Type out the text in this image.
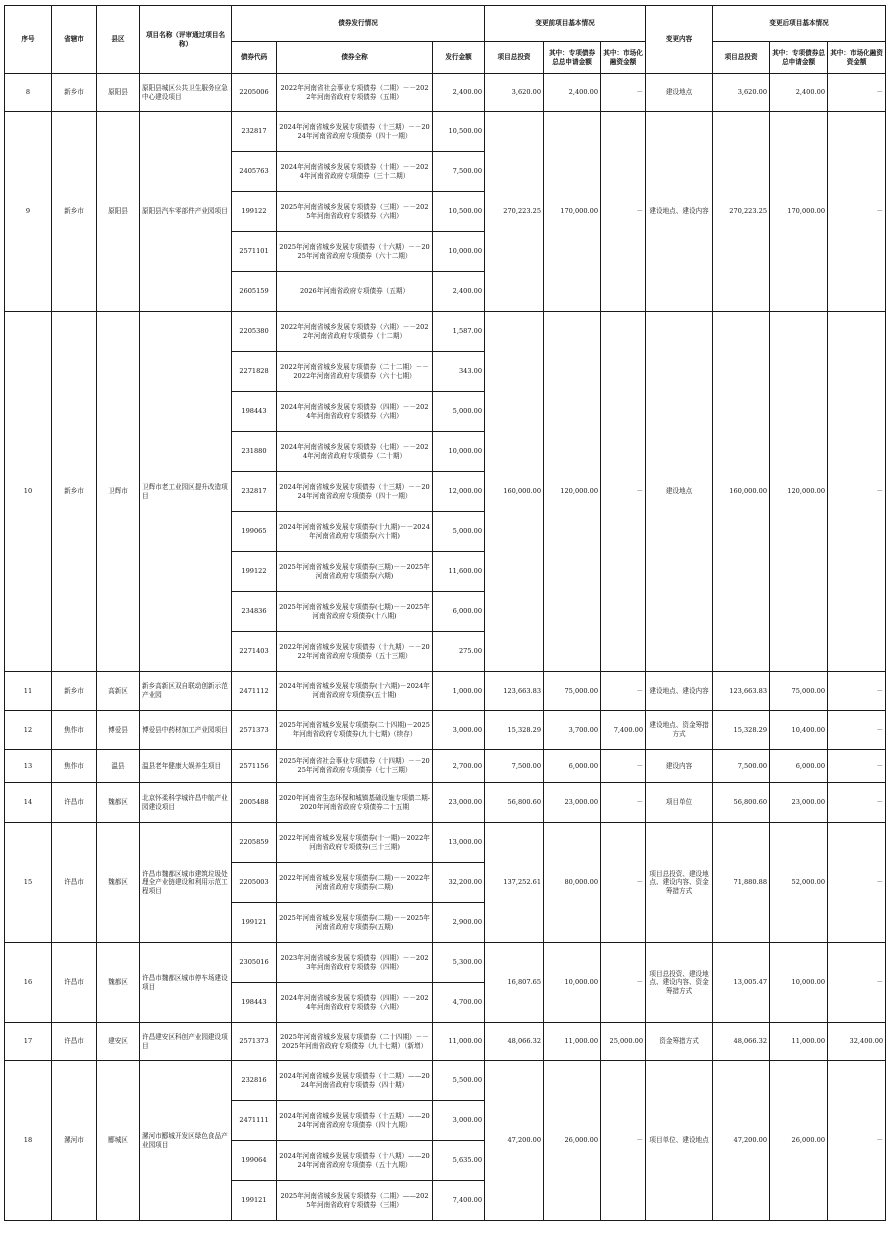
序号	省辖市	县区	项目名称（评审通过项目名称）	债券发行情况			变更前项目基本情况			变更内容	变更后项目基本情况		
				债券代码	债券全称	发行金额	项目总投资	其中：专项债券总总申请金额	其中：市场化融资金额		项目总投资	其中：专项债券总总申请金额	其中：市场化融资资金额
8	新乡市	原阳县	原阳县城区公共卫生服务应急中心建设项目	2205006	2022年河南省社会事业专项债券（二期）－－2022年河南省政府专项债券（五期）	2,400.00	3,620.00	2,400.00	－	建设地点	3,620.00	2,400.00	－
9	新乡市	原阳县	原阳县汽车零部件产业园项目	232817	2024年河南省城乡发展专项债券（十三期）－－2024年河南省政府专项债券（四十一期）	10,500.00	270,223.25	170,000.00	－	建设地点、建设内容	270,223.25	170,000.00	－
				2405763	2024年河南省城乡发展专项债券（十期）－－2024年河南省政府专项债券（三十二期）	7,500.00							
				199122	2025年河南省城乡发展专项债券（三期）－－2025年河南省政府专项债券（六期）	10,500.00							
				2571101	2025年河南省城乡发展专项债券（十六期）－－2025年河南省政府专项债券（六十二期）	10,000.00							
				2605159	2026年河南省政府专项债券（五期）	2,400.00							
10	新乡市	卫辉市	卫辉市老工业园区提升改造项目	2205380	2022年河南省城乡发展专项债券（六期）－－2022年河南省政府专项债券（十二期）	1,587.00	160,000.00	120,000.00	－	建设地点	160,000.00	120,000.00	－
				2271828	2022年河南省城乡发展专项债券（二十二期）－－2022年河南省政府专项债券（六十七期）	343.00							
				198443	2024年河南省城乡发展专项债券（四期）－－2024年河南省政府专项债券（六期）	5,000.00							
				231880	2024年河南省城乡发展专项债券（七期）－－2024年河南省政府专项债券（二十期）	10,000.00							
				232817	2024年河南省城乡发展专项债券（十三期）－－2024年河南省政府专项债券（四十一期）	12,000.00							
				199065	2024年河南省城乡发展专项债券(十九期)－－2024年河南省政府专项债券(六十期)	5,000.00							
				199122	2025年河南省城乡发展专项债券(三期)－－2025年河南省政府专项债券(六期)	11,600.00							
				234836	2025年河南省城乡发展专项债券(七期)－－2025年河南省政府专项债券(十八期)	6,000.00							
				2271403	2022年河南省城乡发展专项债券（十九期）－－2022年河南省政府专项债券（五十三期）	275.00							
11	新乡市	高新区	新乡高新区双自联动创新示范产业园	2471112	2024年河南省城乡发展专项债券(十六期)－2024年河南省政府专项债券(五十期)	1,000.00	123,663.83	75,000.00	－	建设地点、建设内容	123,663.83	75,000.00	－
12	焦作市	博爱县	博爱县中药材加工产业园项目	2571373	2025年河南省城乡发展专项债券(二十四期)－2025年河南省政府专项债券(九十七期)（续存）	3,000.00	15,328.29	3,700.00	7,400.00	建设地点、资金筹措方式	15,328.29	10,400.00	－
13	焦作市	温县	温县老年健康大娱养生项目	2571156	2025年河南省社会事业专项债券（十四期）－－2025年河南省政府专项债券（七十三期）	2,700.00	7,500.00	6,000.00	－	建设内容	7,500.00	6,000.00	－
14	许昌市	魏都区	北京怀柔科学城许昌中航产业园建设项目	2005488	2020年河南省生态环保和城镇基础设施专项债二期-2020年河南省政府专项债券二十五期	23,000.00	56,800.60	23,000.00	－	项目单位	56,800.60	23,000.00	－
15	许昌市	魏都区	许昌市魏都区城市建筑垃圾处理全产业链建设和利用示范工程项目	2205859	2022年河南省城乡发展专项债券(十一期)－2022年河南省政府专项债券(三十三期)	13,000.00	137,252.61	80,000.00	－	项目总投资、建设地点、建设内容、资金筹措方式	71,880.88	52,000.00	－
				2205003	2022年河南省城乡发展专项债券(二期)－－2022年河南省政府专项债券(二期)	32,200.00							
				199121	2025年河南省城乡发展专项债券(二期)－－2025年河南省政府专项债券(五期)	2,900.00							
16	许昌市	魏都区	许昌市魏都区城市停车场建设项目	2305016	2023年河南省城乡发展专项债券（四期）－－2023年河南省政府专项债券（四期）	5,300.00	16,807.65	10,000.00	－	项目总投资、建设地点、建设内容、资金筹措方式	13,005.47	10,000.00	－
				198443	2024年河南省城乡发展专项债券（四期）－－2024年河南省政府专项债券（六期）	4,700.00							
17	许昌市	建安区	许昌建安区科创产业园建设项目	2571373	2025年河南省城乡发展专项债券（二十四期）－－2025年河南省政府专项债券（九十七期）（新增）	11,000.00	48,066.32	11,000.00	25,000.00	资金筹措方式	48,066.32	11,000.00	32,400.00
18	漯河市	郾城区	漯河市郾城开发区绿色食品产业园项目	232816	2024年河南省城乡发展专项债券（十二期）——2024年河南省政府专项债券（四十期）	5,500.00	47,200.00	26,000.00	－	项目单位、建设地点	47,200.00	26,000.00	－
				2471111	2024年河南省城乡发展专项债券（十五期）——2024年河南省政府专项债券（四十九期）	3,000.00							
				199064	2024年河南省城乡发展专项债券（十八期）——2024年河南省政府专项债券（五十九期）	5,635.00							
				199121	2025年河南省城乡发展专项债券（二期）——2025年河南省政府专项债券（三期）	7,400.00							
